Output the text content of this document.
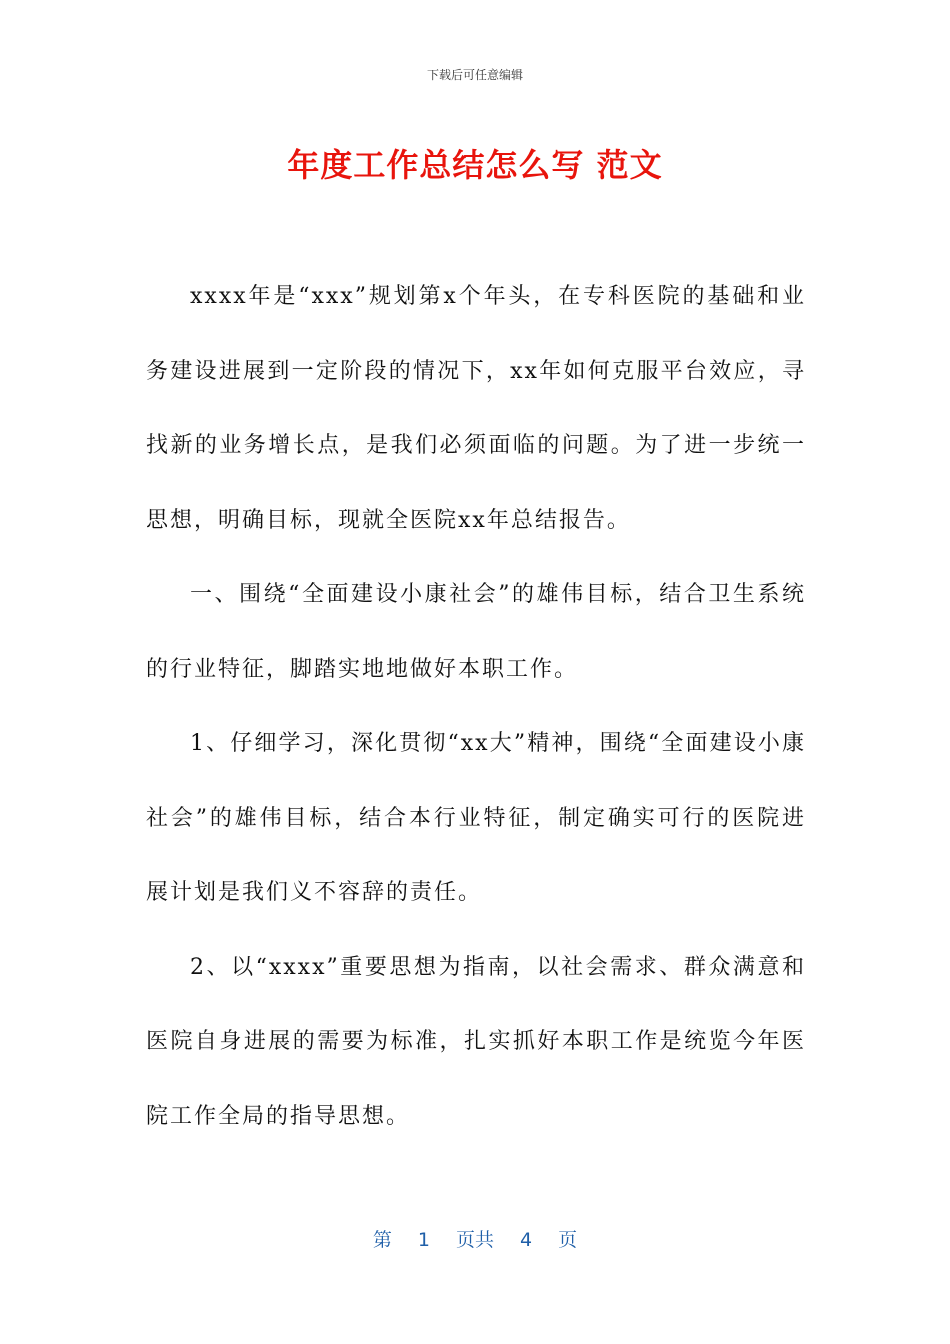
下载后可任意编辑
年度工作总结怎么写 范文

xxxx年是“xxx”规划第x个年头，在专科医院的基础和业务建设进展到一定阶段的情况下，xx年如何克服平台效应，寻找新的业务增长点，是我们必须面临的问题。为了进一步统一思想，明确目标，现就全医院xx年总结报告。

一、围绕“全面建设小康社会”的雄伟目标，结合卫生系统的行业特征，脚踏实地地做好本职工作。

1、仔细学习，深化贯彻“xx大”精神，围绕“全面建设小康社会”的雄伟目标，结合本行业特征，制定确实可行的医院进展计划是我们义不容辞的责任。

2、以“xxxx”重要思想为指南，以社会需求、群众满意和医院自身进展的需要为标准，扎实抓好本职工作是统览今年医院工作全局的指导思想。

第 1 页共 4 页
